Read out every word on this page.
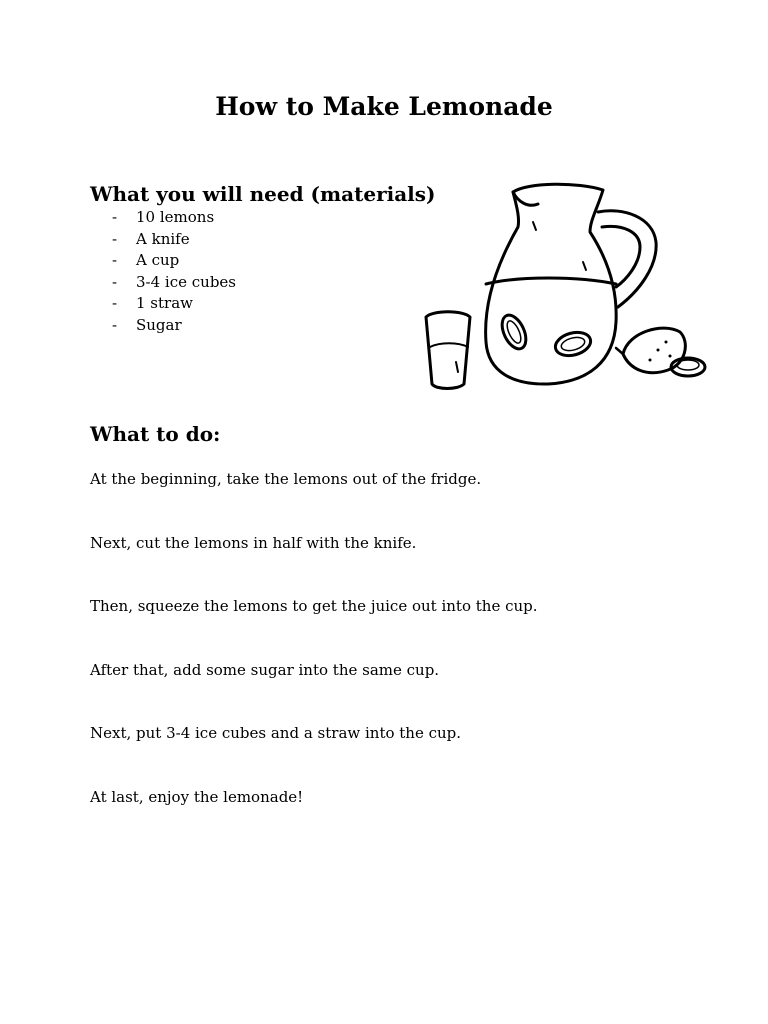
How to Make Lemonade
What you will need (materials)
-	10 lemons
-	A knife
-	A cup
-	3-4 ice cubes
-	1 straw
-	Sugar
What to do:

At the beginning, take the lemons out of the fridge.

Next, cut the lemons in half with the knife.

Then, squeeze the lemons to get the juice out into the cup.

After that, add some sugar into the same cup.

Next, put 3-4 ice cubes and a straw into the cup.

At last, enjoy the lemonade!
